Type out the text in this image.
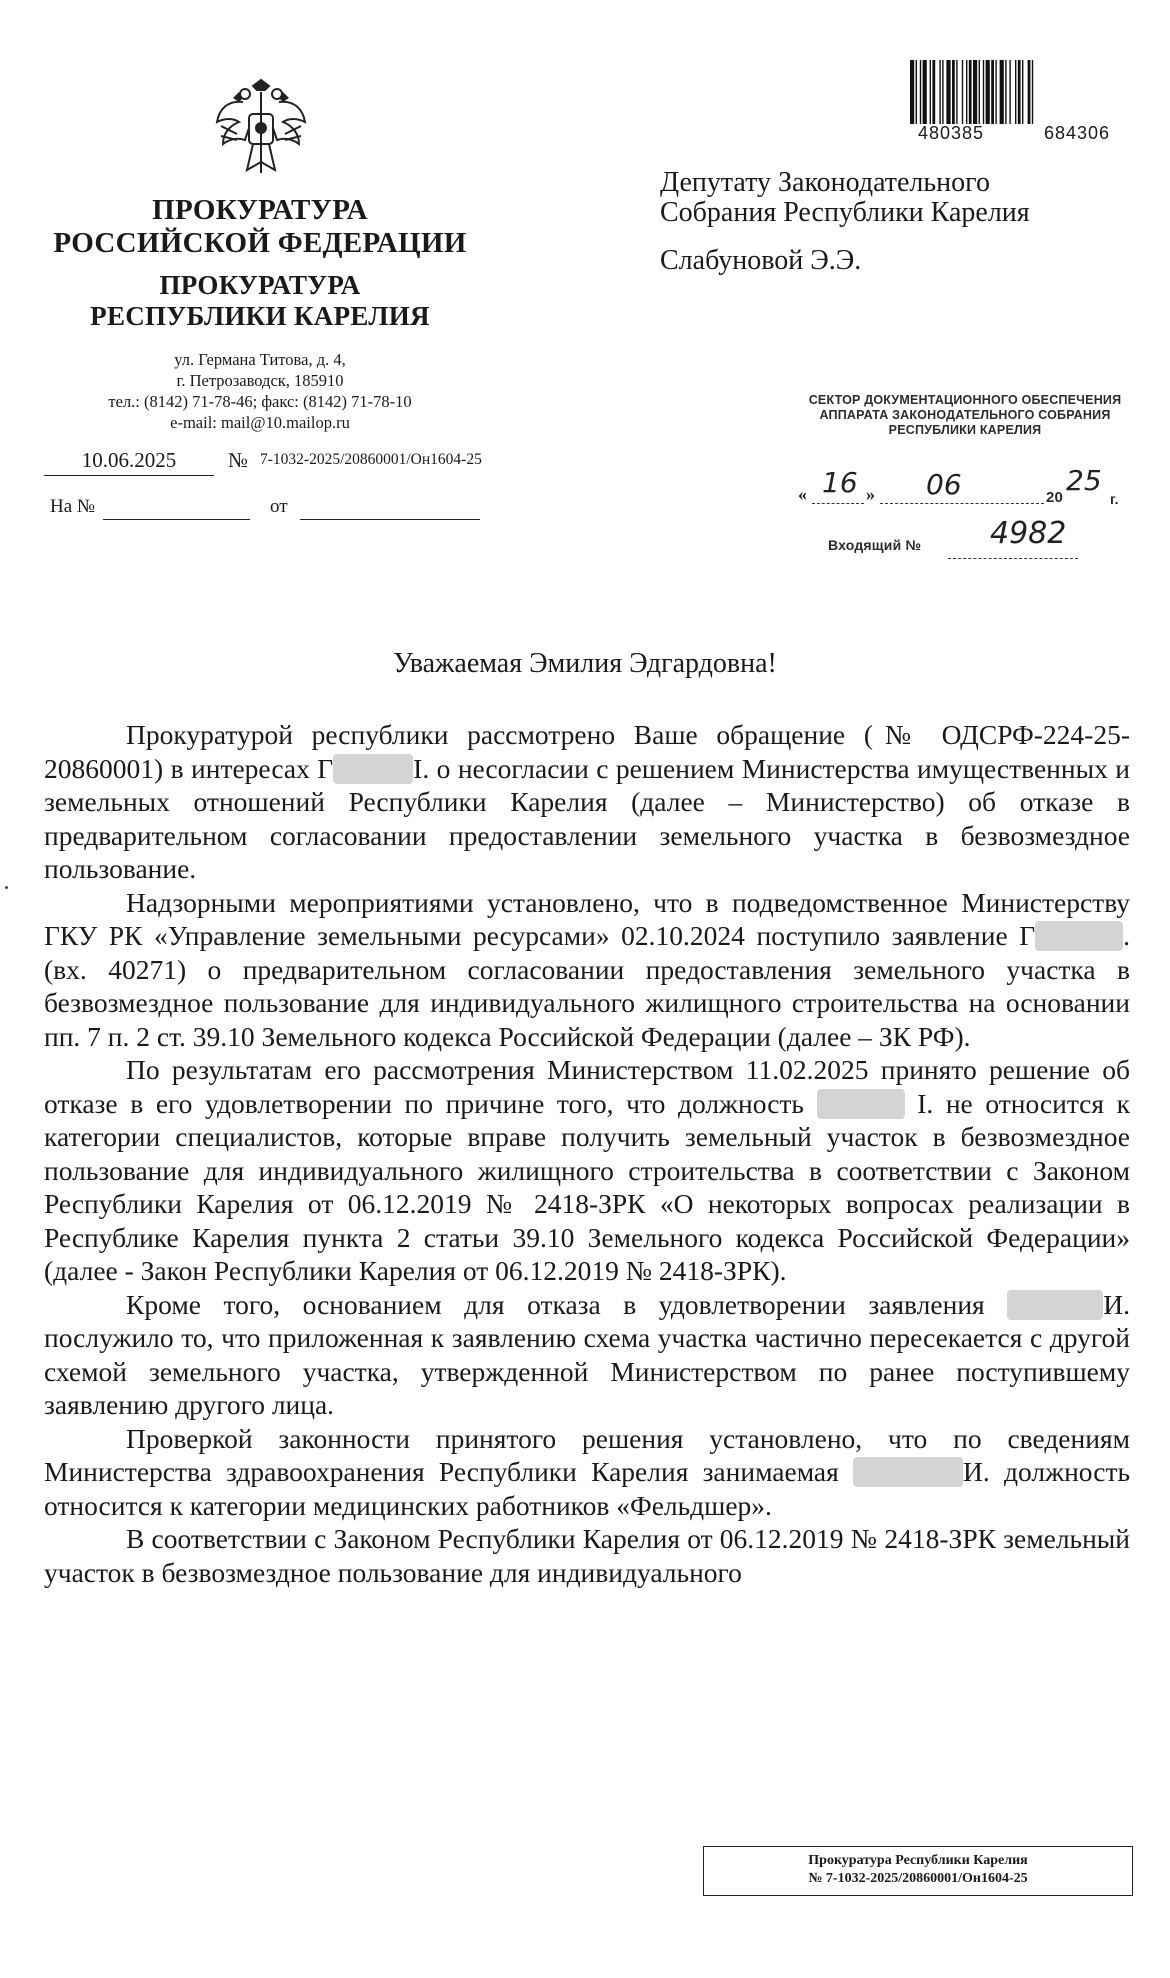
ПРОКУРАТУРА
РОССИЙСКОЙ ФЕДЕРАЦИИ
ПРОКУРАТУРА
РЕСПУБЛИКИ КАРЕЛИЯ
ул. Германа Титова, д. 4,
г. Петрозаводск, 185910
тел.: (8142) 71-78-46; факс: (8142) 71-78-10
e-mail: mail@10.mailop.ru
10.06.2025	№ 7-1032-2025/20860001/Он1604-25
На №	от
480385	684306
Депутату Законодательного
Собрания Республики Карелия
Слабуновой Э.Э.
СЕКТОР ДОКУМЕНТАЦИОННОГО ОБЕСПЕЧЕНИЯ
АППАРАТА ЗАКОНОДАТЕЛЬНОГО СОБРАНИЯ
РЕСПУБЛИКИ КАРЕЛИЯ
« 16 » 06	20
25
г.
Входящий № 4982
Уважаемая Эмилия Эдгардовна!

Прокуратурой республики рассмотрено Ваше обращение (№ ОДСРФ-224-25-20860001) в интересах Г	I. о несогласии с решением Министерства имущественных и земельных отношений Республики Карелия (далее – Министерство) об отказе в предварительном согласовании предоставлении земельного участка в безвозмездное пользование.

Надзорными мероприятиями установлено, что в подведомственное Министерству ГКУ РК «Управление земельными ресурсами» 02.10.2024 поступило заявление Г	. (вх. 40271) о предварительном согласовании предоставления земельного участка в безвозмездное пользование для индивидуального жилищного строительства на основании пп. 7 п. 2 ст. 39.10 Земельного кодекса Российской Федерации (далее – ЗК РФ).

По результатам его рассмотрения Министерством 11.02.2025 принято решение об отказе в его удовлетворении по причине того, что должность	I. не относится к категории специалистов, которые вправе получить земельный участок в безвозмездное пользование для индивидуального жилищного строительства в соответствии с Законом Республики Карелия от 06.12.2019 № 2418-ЗРК «О некоторых вопросах реализации в Республике Карелия пункта 2 статьи 39.10 Земельного кодекса Российской Федерации» (далее - Закон Республики Карелия от 06.12.2019 № 2418-ЗРК).

Кроме того, основанием для отказа в удовлетворении заявления	И. послужило то, что приложенная к заявлению схема участка частично пересекается с другой схемой земельного участка, утвержденной Министерством по ранее поступившему заявлению другого лица.

Проверкой законности принятого решения установлено, что по сведениям Министерства здравоохранения Республики Карелия занимаемая	И. должность относится к категории медицинских работников «Фельдшер».

В соответствии с Законом Республики Карелия от 06.12.2019 № 2418-ЗРК земельный участок в безвозмездное пользование для индивидуального

Прокуратура Республики Карелия
№ 7-1032-2025/20860001/Он1604-25
